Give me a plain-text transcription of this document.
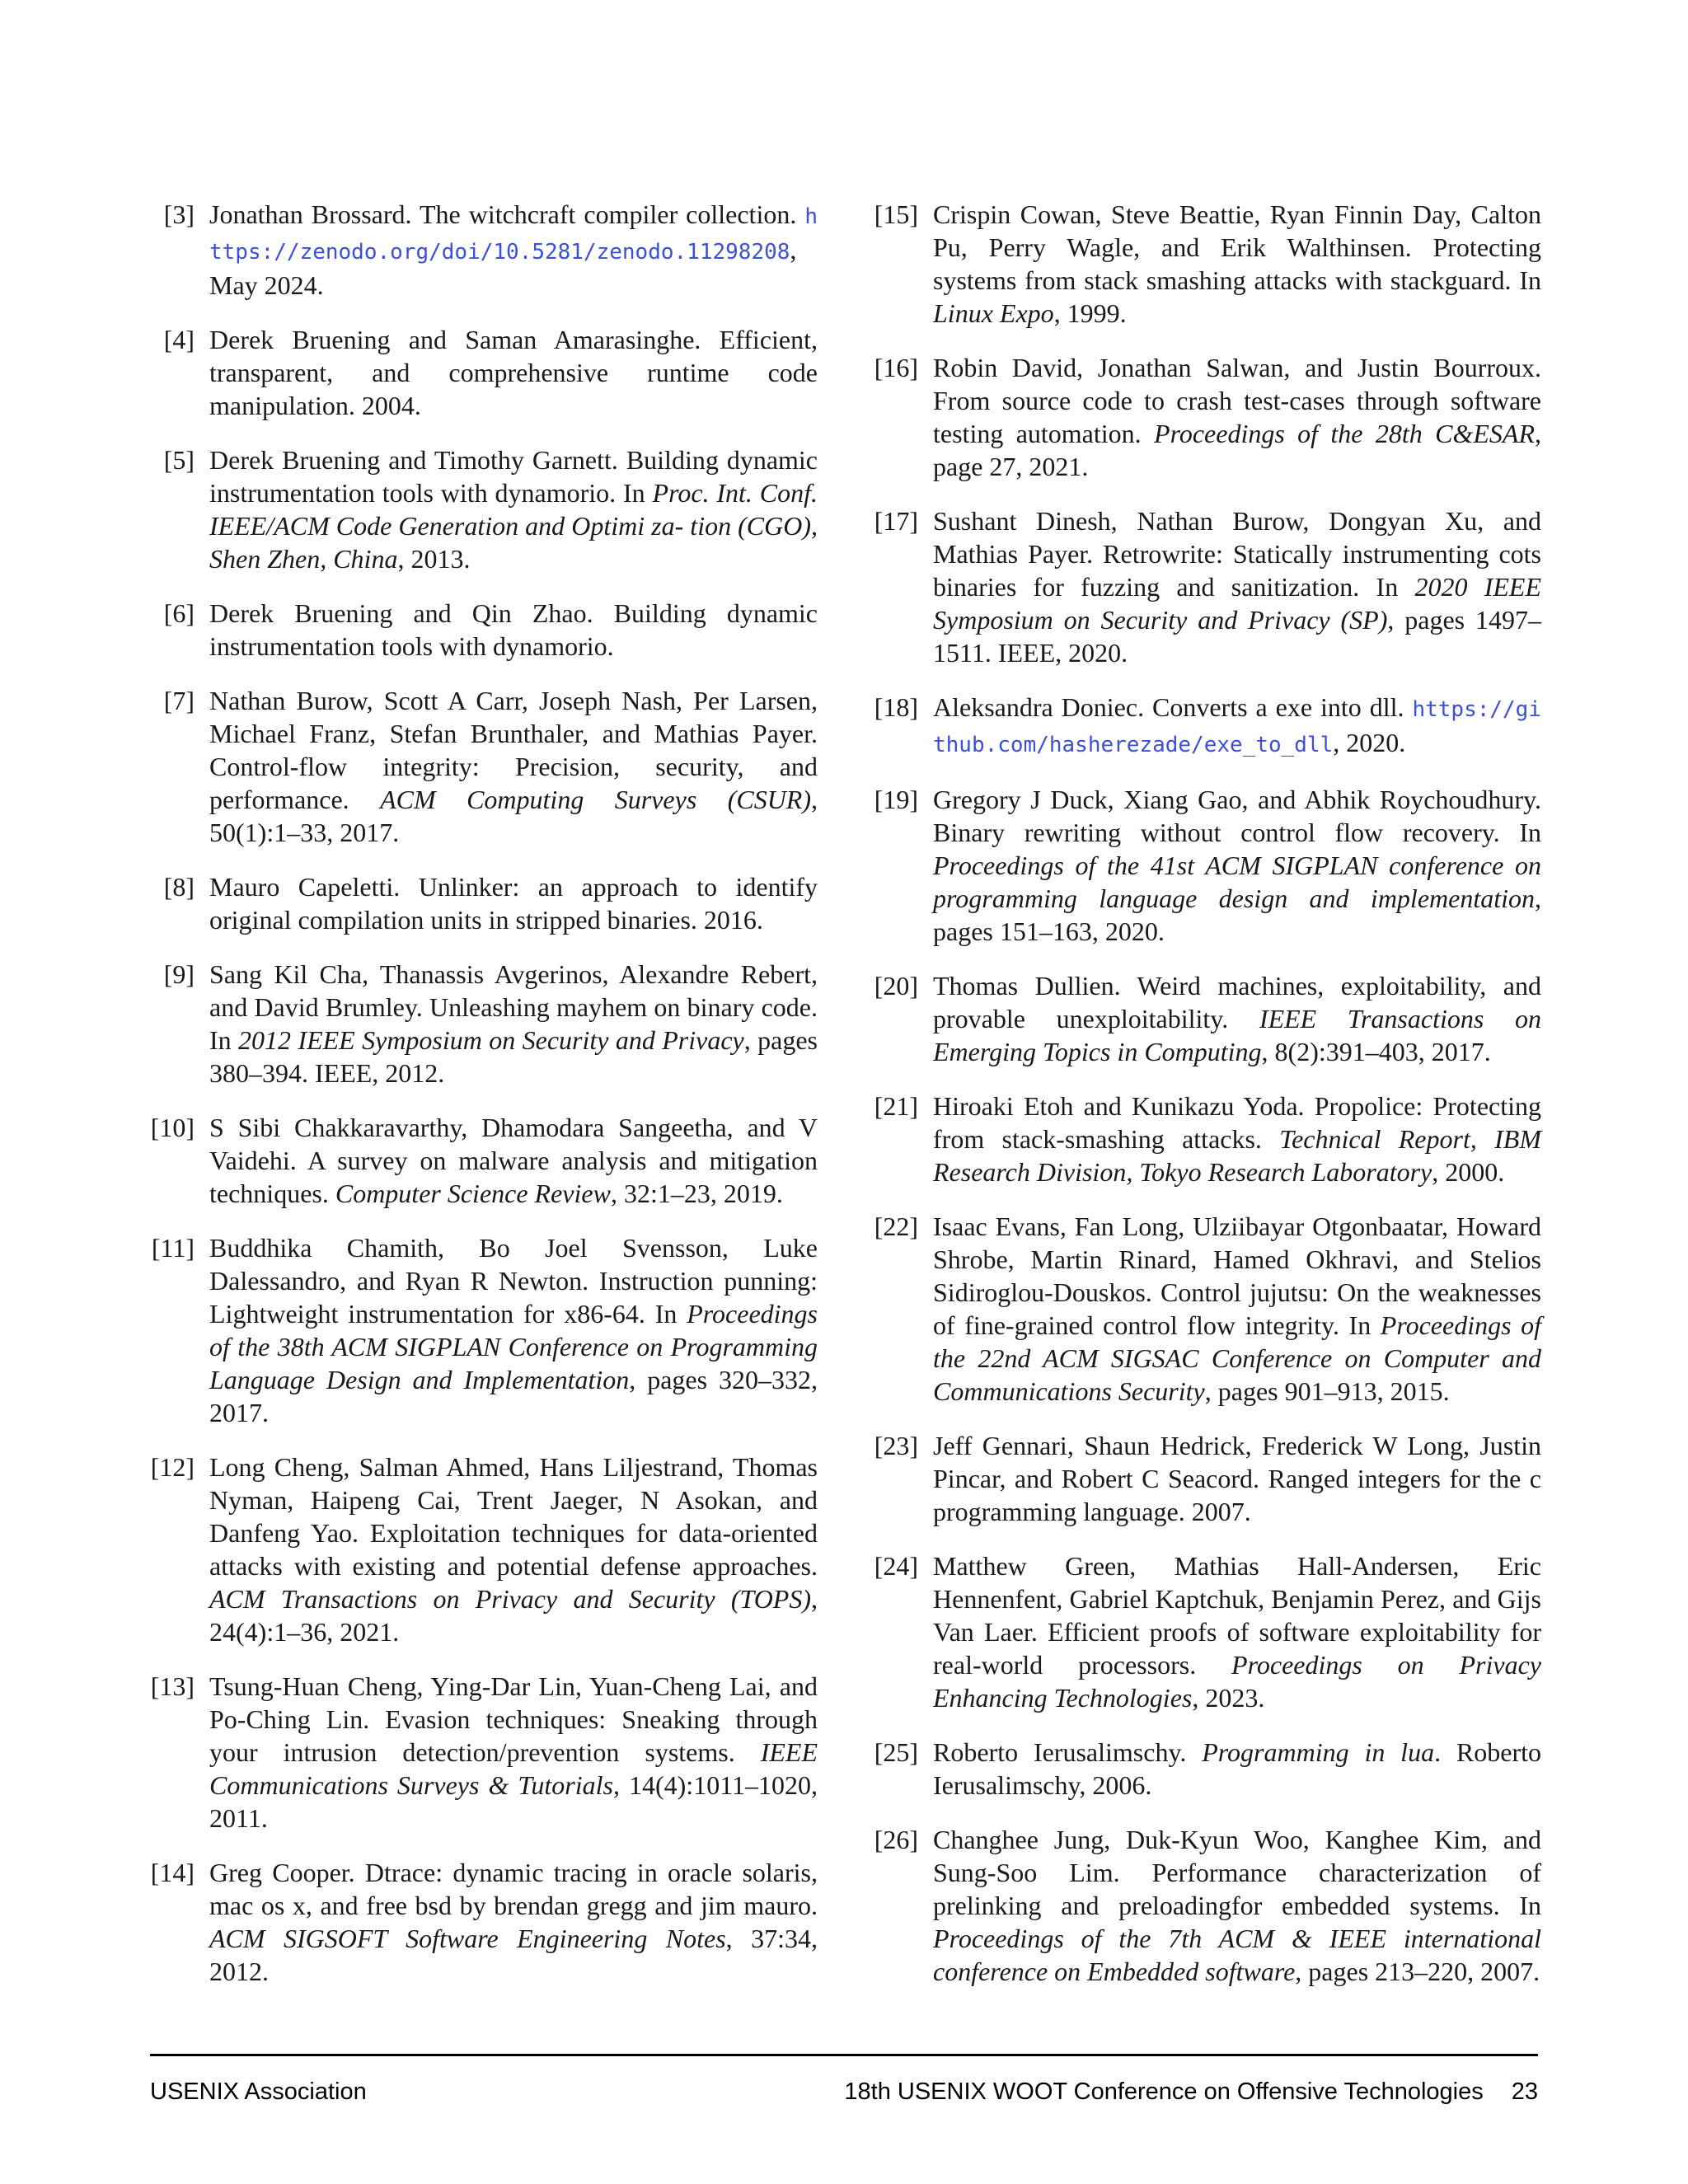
[3] Jonathan Brossard. The witchcraft compiler collection. https://zenodo.org/doi/10.5281/zenodo.11298208, May 2024.
[4] Derek Bruening and Saman Amarasinghe. Efficient, transparent, and comprehensive runtime code manipulation. 2004.
[5] Derek Bruening and Timothy Garnett. Building dynamic instrumentation tools with dynamorio. In Proc. Int. Conf. IEEE/ACM Code Generation and Optimi za- tion (CGO), Shen Zhen, China, 2013.
[6] Derek Bruening and Qin Zhao. Building dynamic instrumentation tools with dynamorio.
[7] Nathan Burow, Scott A Carr, Joseph Nash, Per Larsen, Michael Franz, Stefan Brunthaler, and Mathias Payer. Control-flow integrity: Precision, security, and performance. ACM Computing Surveys (CSUR), 50(1):1–33, 2017.
[8] Mauro Capeletti. Unlinker: an approach to identify original compilation units in stripped binaries. 2016.
[9] Sang Kil Cha, Thanassis Avgerinos, Alexandre Rebert, and David Brumley. Unleashing mayhem on binary code. In 2012 IEEE Symposium on Security and Privacy, pages 380–394. IEEE, 2012.
[10] S Sibi Chakkaravarthy, Dhamodara Sangeetha, and V Vaidehi. A survey on malware analysis and mitigation techniques. Computer Science Review, 32:1–23, 2019.
[11] Buddhika Chamith, Bo Joel Svensson, Luke Dalessandro, and Ryan R Newton. Instruction punning: Lightweight instrumentation for x86-64. In Proceedings of the 38th ACM SIGPLAN Conference on Programming Language Design and Implementation, pages 320–332, 2017.
[12] Long Cheng, Salman Ahmed, Hans Liljestrand, Thomas Nyman, Haipeng Cai, Trent Jaeger, N Asokan, and Danfeng Yao. Exploitation techniques for data-oriented attacks with existing and potential defense approaches. ACM Transactions on Privacy and Security (TOPS), 24(4):1–36, 2021.
[13] Tsung-Huan Cheng, Ying-Dar Lin, Yuan-Cheng Lai, and Po-Ching Lin. Evasion techniques: Sneaking through your intrusion detection/prevention systems. IEEE Communications Surveys & Tutorials, 14(4):1011–1020, 2011.
[14] Greg Cooper. Dtrace: dynamic tracing in oracle solaris, mac os x, and free bsd by brendan gregg and jim mauro. ACM SIGSOFT Software Engineering Notes, 37:34, 2012.
[15] Crispin Cowan, Steve Beattie, Ryan Finnin Day, Calton Pu, Perry Wagle, and Erik Walthinsen. Protecting systems from stack smashing attacks with stackguard. In Linux Expo, 1999.
[16] Robin David, Jonathan Salwan, and Justin Bourroux. From source code to crash test-cases through software testing automation. Proceedings of the 28th C&ESAR, page 27, 2021.
[17] Sushant Dinesh, Nathan Burow, Dongyan Xu, and Mathias Payer. Retrowrite: Statically instrumenting cots binaries for fuzzing and sanitization. In 2020 IEEE Symposium on Security and Privacy (SP), pages 1497–1511. IEEE, 2020.
[18] Aleksandra Doniec. Converts a exe into dll. https://github.com/hasherezade/exe_to_dll, 2020.
[19] Gregory J Duck, Xiang Gao, and Abhik Roychoudhury. Binary rewriting without control flow recovery. In Proceedings of the 41st ACM SIGPLAN conference on programming language design and implementation, pages 151–163, 2020.
[20] Thomas Dullien. Weird machines, exploitability, and provable unexploitability. IEEE Transactions on Emerging Topics in Computing, 8(2):391–403, 2017.
[21] Hiroaki Etoh and Kunikazu Yoda. Propolice: Protecting from stack-smashing attacks. Technical Report, IBM Research Division, Tokyo Research Laboratory, 2000.
[22] Isaac Evans, Fan Long, Ulziibayar Otgonbaatar, Howard Shrobe, Martin Rinard, Hamed Okhravi, and Stelios Sidiroglou-Douskos. Control jujutsu: On the weaknesses of fine-grained control flow integrity. In Proceedings of the 22nd ACM SIGSAC Conference on Computer and Communications Security, pages 901–913, 2015.
[23] Jeff Gennari, Shaun Hedrick, Frederick W Long, Justin Pincar, and Robert C Seacord. Ranged integers for the c programming language. 2007.
[24] Matthew Green, Mathias Hall-Andersen, Eric Hennenfent, Gabriel Kaptchuk, Benjamin Perez, and Gijs Van Laer. Efficient proofs of software exploitability for real-world processors. Proceedings on Privacy Enhancing Technologies, 2023.
[25] Roberto Ierusalimschy. Programming in lua. Roberto Ierusalimschy, 2006.
[26] Changhee Jung, Duk-Kyun Woo, Kanghee Kim, and Sung-Soo Lim. Performance characterization of prelinking and preloadingfor embedded systems. In Proceedings of the 7th ACM & IEEE international conference on Embedded software, pages 213–220, 2007.
USENIX Association	18th USENIX WOOT Conference on Offensive Technologies 23
